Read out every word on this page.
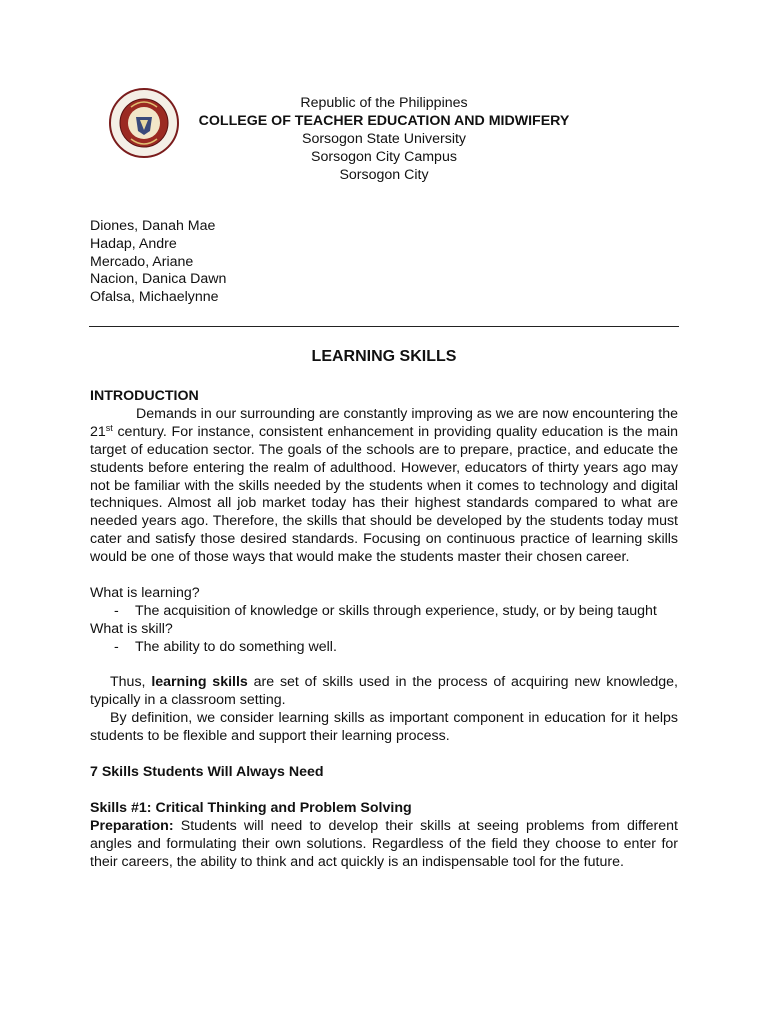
Republic of the Philippines
COLLEGE OF TEACHER EDUCATION AND MIDWIFERY
Sorsogon State University
Sorsogon City Campus
Sorsogon City
Diones, Danah Mae
Hadap, Andre
Mercado, Ariane
Nacion, Danica Dawn
Ofalsa, Michaelynne
LEARNING SKILLS

INTRODUCTION

Demands in our surrounding are constantly improving as we are now encountering the 21st century. For instance, consistent enhancement in providing quality education is the main target of education sector. The goals of the schools are to prepare, practice, and educate the students before entering the realm of adulthood. However, educators of thirty years ago may not be familiar with the skills needed by the students when it comes to technology and digital techniques. Almost all job market today has their highest standards compared to what are needed years ago. Therefore, the skills that should be developed by the students today must cater and satisfy those desired standards. Focusing on continuous practice of learning skills would be one of those ways that would make the students master their chosen career.

What is learning?

-	The acquisition of knowledge or skills through experience, study, or by being taught

What is skill?

-	The ability to do something well.

Thus, learning skills are set of skills used in the process of acquiring new knowledge, typically in a classroom setting.

By definition, we consider learning skills as important component in education for it helps students to be flexible and support their learning process.

7 Skills Students Will Always Need

Skills #1: Critical Thinking and Problem Solving

Preparation: Students will need to develop their skills at seeing problems from different angles and formulating their own solutions. Regardless of the field they choose to enter for their careers, the ability to think and act quickly is an indispensable tool for the future.
